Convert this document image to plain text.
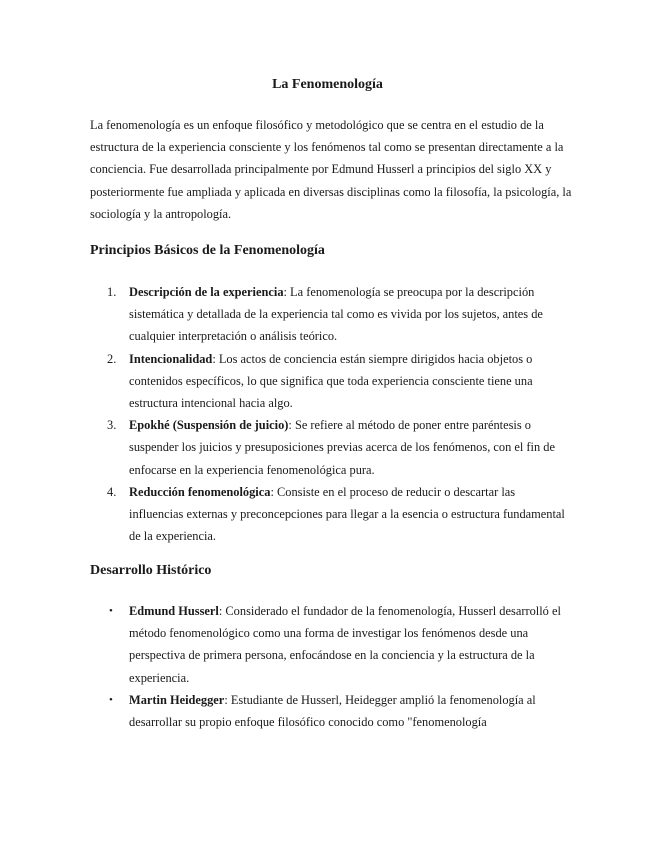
La Fenomenología

La fenomenología es un enfoque filosófico y metodológico que se centra en el estudio de la estructura de la experiencia consciente y los fenómenos tal como se presentan directamente a la conciencia. Fue desarrollada principalmente por Edmund Husserl a principios del siglo XX y posteriormente fue ampliada y aplicada en diversas disciplinas como la filosofía, la psicología, la sociología y la antropología.

Principios Básicos de la Fenomenología
1.	Descripción de la experiencia: La fenomenología se preocupa por la descripción sistemática y detallada de la experiencia tal como es vivida por los sujetos, antes de cualquier interpretación o análisis teórico.
2.	Intencionalidad: Los actos de conciencia están siempre dirigidos hacia objetos o contenidos específicos, lo que significa que toda experiencia consciente tiene una estructura intencional hacia algo.
3.	Epokhé (Suspensión de juicio): Se refiere al método de poner entre paréntesis o suspender los juicios y presuposiciones previas acerca de los fenómenos, con el fin de enfocarse en la experiencia fenomenológica pura.
4.	Reducción fenomenológica: Consiste en el proceso de reducir o descartar las influencias externas y preconcepciones para llegar a la esencia o estructura fundamental de la experiencia.
Desarrollo Histórico
•	Edmund Husserl: Considerado el fundador de la fenomenología, Husserl desarrolló el método fenomenológico como una forma de investigar los fenómenos desde una perspectiva de primera persona, enfocándose en la conciencia y la estructura de la experiencia.
•	Martin Heidegger: Estudiante de Husserl, Heidegger amplió la fenomenología al desarrollar su propio enfoque filosófico conocido como "fenomenología
